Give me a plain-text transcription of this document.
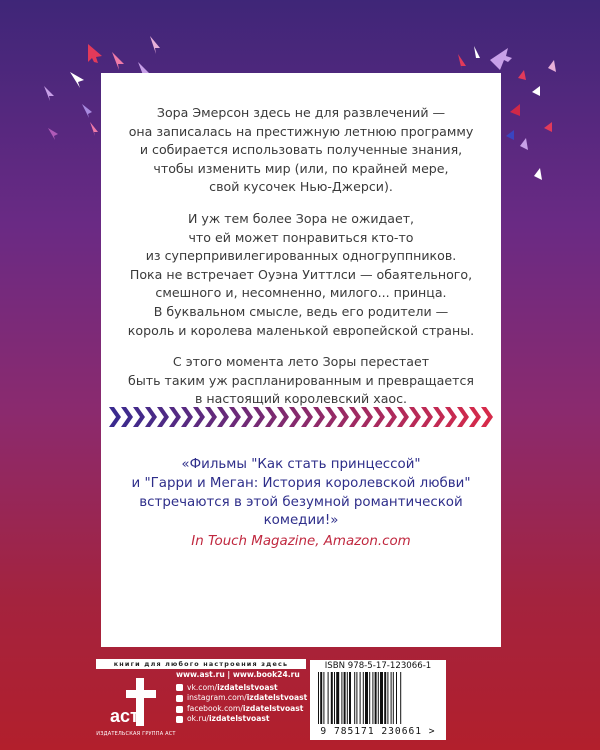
Зора Эмерсон здесь не для развлечений —
она записалась на престижную летнюю программу
и собирается использовать полученные знания,
чтобы изменить мир (или, по крайней мере,
свой кусочек Нью-Джерси).

И уж тем более Зора не ожидает,
что ей может понравиться кто-то
из суперпривилегированных одногруппников.
Пока не встречает Оуэна Уиттлси — обаятельного,
смешного и, несомненно, милого... принца.
В буквальном смысле, ведь его родители —
король и королева маленькой европейской страны.

С этого момента лето Зоры перестает
быть таким уж распланированным и превращается
в настоящий королевский хаос.

«Фильмы "Как стать принцессой"
и "Гарри и Меган: История королевской любви"
встречаются в этой безумной романтической
комедии!»

In Touch Magazine, Amazon.com

книги для любого настроения здесь
аст
ИЗДАТЕЛЬСКАЯ ГРУППА АСТ
www.ast.ru | www.book24.ru
vk.com/ izdatelstvoast
instagram.com/ izdatelstvoast
facebook.com/ izdatelstvoast
ok.ru/ izdatelstvoast
ISBN 978-5-17-123066-1
9 785171 230661 >
